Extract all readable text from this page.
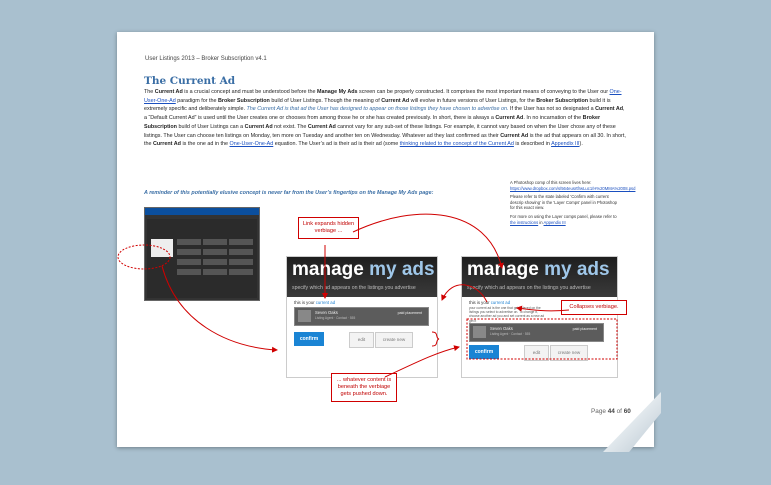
User Listings 2013 – Broker Subscription v4.1
The Current Ad
The Current Ad is a crucial concept and must be understood before the Manage My Ads screen can be properly constructed. It comprises the most important means of conveying to the User our One-User-One-Ad paradigm for the Broker Subscription build of User Listings. Though the meaning of Current Ad will evolve in future versions of User Listings, for the Broker Subscription build it is extremely specific and deliberately simple. The Current Ad is that ad the User has designed to appear on those listings they have chosen to advertise on. If the User has not so designated a Current Ad, a “Default Current Ad” is used until the User creates one or chooses from among those he or she has created previously. In short, there is always a Current Ad. In no incarnation of the Broker Subscription build of User Listings can a Current Ad not exist. The Current Ad cannot vary for any sub-set of these listings. For example, it cannot vary based on when the User chose any of these listings. The User can choose ten listings on Monday, ten more on Tuesday and another ten on Wednesday. Whatever ad they last confirmed as their Current Ad is the ad that appears on all 30. In short, the Current Ad is the one ad in the One-User-One-Ad equation. The User’s ad is their ad is their ad (some thinking related to the concept of the Current Ad is described in Appendix III).
A reminder of this potentially elusive concept is never far from the User’s fingertips on the Manage My Ads page:

A Photoshop comp of this screen lives here:
https://www.dropbox.com/s/564eusrtfrwLuc1/H%20MMA%2008.psd

Please refer to the state labeled ‘Confirm with current descrip showing’ in the ‘Layer Comps’ panel in Photoshop for this exact view.

For more on using the Layer comps panel, please refer to the instructions in Appendix III

manage my ads
specify which ad appears on the listings you advertise
this is your current ad
Seven Oaks
Listing Agent · Contact · 555
paid placement
confirm	edit	create new
manage my ads
specify which ad appears on the listings you advertise
this is your current ad
your current ad is the one that gets placed on the listings you select to advertise on. To change it, choose another ad you and set current as a new ad get it
Seven Oaks
Listing Agent · Contact · 555
paid placement
confirm	edit	create new
Link expands hidden verbiage ...
Collapses verbiage.
... whatever content is beneath the verbiage gets pushed down.
Page 44 of 60
